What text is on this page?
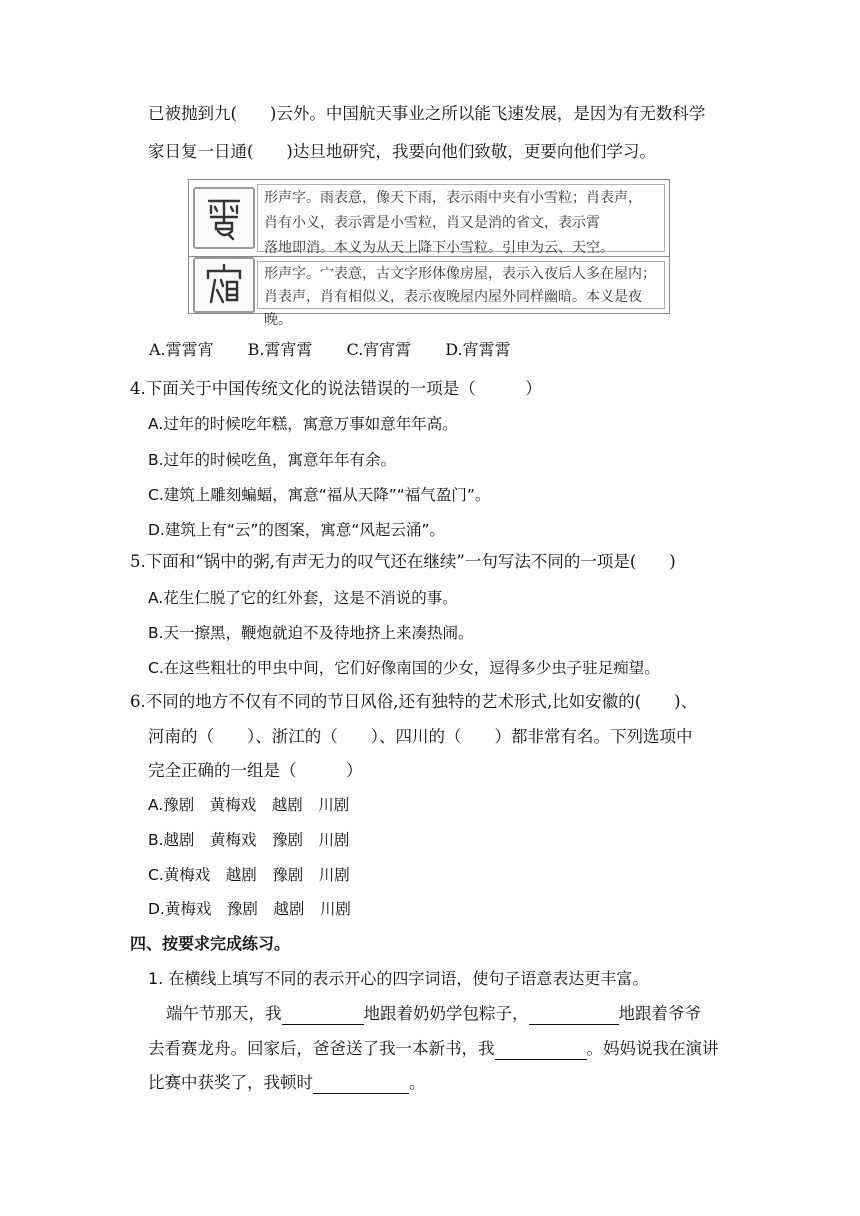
已被抛到九(　　)云外。中国航天事业之所以能飞速发展，是因为有无数科学
家日复一日通(　　)达旦地研究，我要向他们致敬，更要向他们学习。
形声字。雨表意，像天下雨，表示雨中夹有小雪粒；肖表声，
肖有小义，表示霄是小雪粒，肖又是消的省文，表示霄
落地即消。本义为从天上降下小雪粒。引申为云、天空。
形声字。宀表意，古文字形体像房屋，表示入夜后人多在屋内；
肖表声，肖有相似义，表示夜晚屋内屋外同样幽暗。本义是夜晚。
A.霄霄宵 B.霄宵霄 C.宵宵霄 D.宵霄霄
4.下面关于中国传统文化的说法错误的一项是（　　　）
A.过年的时候吃年糕，寓意万事如意年年高。
B.过年的时候吃鱼，寓意年年有余。
C.建筑上雕刻蝙蝠，寓意“福从天降”“福气盈门”。
D.建筑上有“云”的图案，寓意“风起云涌”。
5.下面和“锅中的粥,有声无力的叹气还在继续”一句写法不同的一项是(　　)
A.花生仁脱了它的红外套，这是不消说的事。
B.天一擦黑，鞭炮就迫不及待地挤上来凑热闹。
C.在这些粗壮的甲虫中间，它们好像南国的少女，逗得多少虫子驻足痴望。
6.不同的地方不仅有不同的节日风俗,还有独特的艺术形式,比如安徽的(　　)、
河南的（　　）、浙江的（　　）、四川的（　　）都非常有名。下列选项中
完全正确的一组是（　　　）
A.豫剧　黄梅戏　越剧　川剧
B.越剧　黄梅戏　豫剧　川剧
C.黄梅戏　越剧　豫剧　川剧
D.黄梅戏　豫剧　越剧　川剧
四、按要求完成练习。
1. 在横线上填写不同的表示开心的四字词语，使句子语意表达更丰富。
端午节那天，我	地跟着奶奶学包粽子，	地跟着爷爷
去看赛龙舟。回家后，爸爸送了我一本新书，我	。妈妈说我在演讲
比赛中获奖了，我顿时	。
